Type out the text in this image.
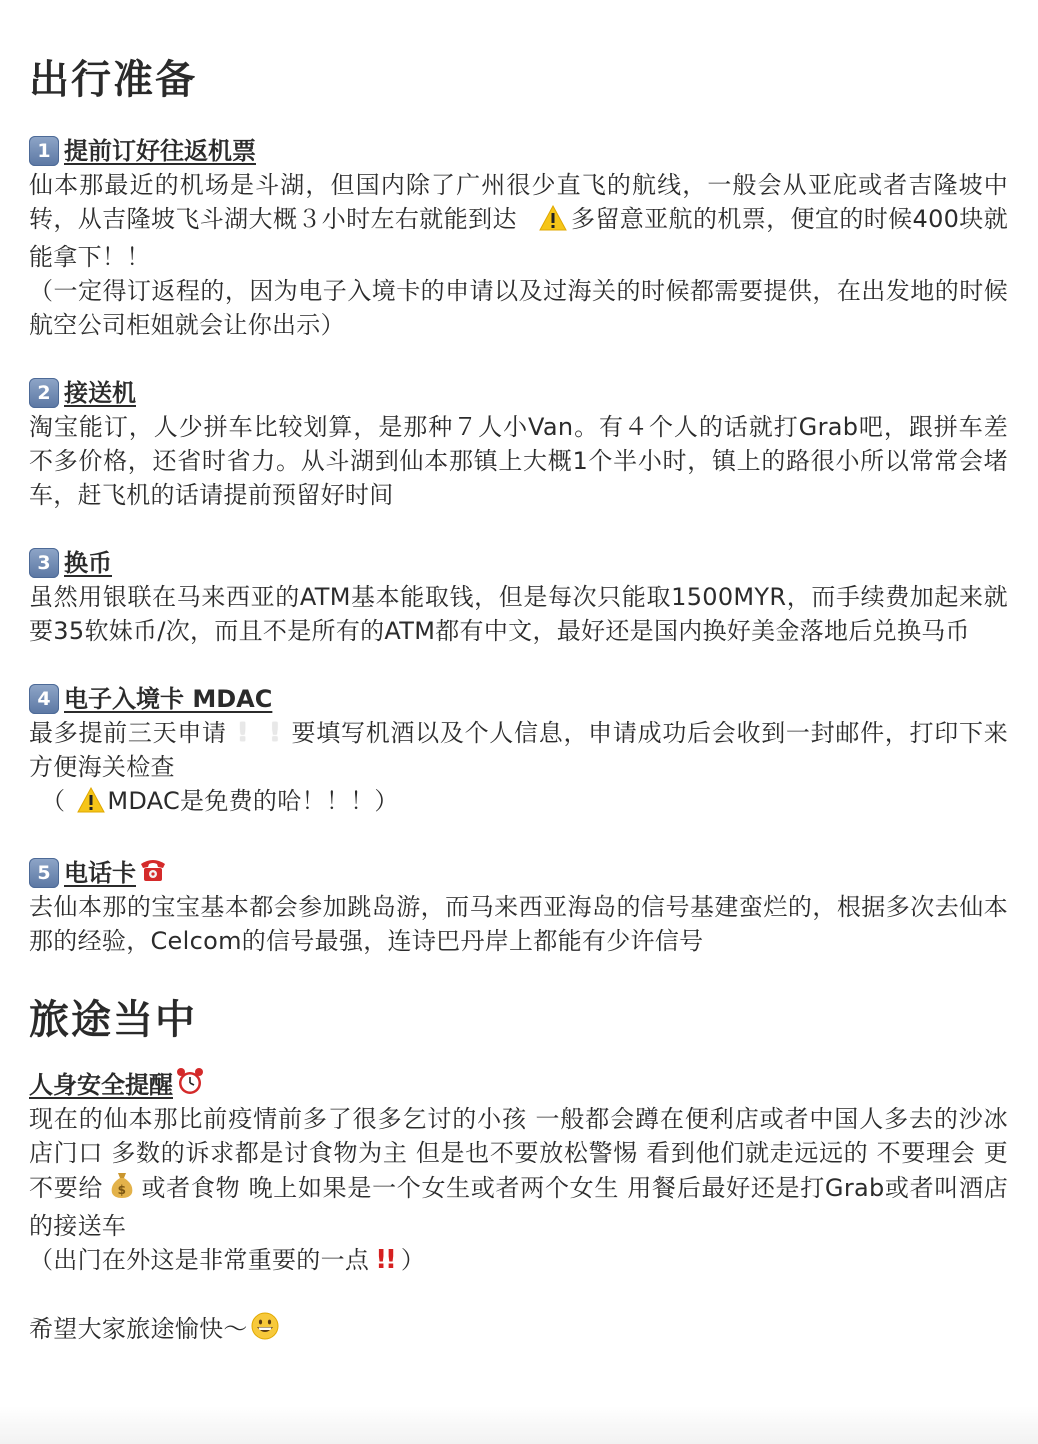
出行准备
1 提前订好往返机票

仙本那最近的机场是斗湖，但国内除了广州很少直飞的航线，一般会从亚庇或者吉隆坡中转，从吉隆坡飞斗湖大概３小时左右就能到达 多留意亚航的机票，便宜的时候400块就能拿下！！

（一定得订返程的，因为电子入境卡的申请以及过海关的时候都需要提供，在出发地的时候航空公司柜姐就会让你出示）

2 接送机

淘宝能订，人少拼车比较划算，是那种７人小Van。有４个人的话就打Grab吧，跟拼车差不多价格，还省时省力。从斗湖到仙本那镇上大概1个半小时，镇上的路很小所以常常会堵车，赶飞机的话请提前预留好时间

3 换币

虽然用银联在马来西亚的ATM基本能取钱，但是每次只能取1500MYR，而手续费加起来就要35软妹币/次，而且不是所有的ATM都有中文，最好还是国内换好美金落地后兑换马币

4 电子入境卡 MDAC

最多提前三天申请 ! ! 要填写机酒以及个人信息，申请成功后会收到一封邮件，打印下来方便海关检查

（ MDAC是免费的哈！！！）

5 电话卡

去仙本那的宝宝基本都会参加跳岛游，而马来西亚海岛的信号基建蛮烂的，根据多次去仙本那的经验，Celcom的信号最强，连诗巴丹岸上都能有少许信号

旅途当中
人身安全提醒

现在的仙本那比前疫情前多了很多乞讨的小孩 一般都会蹲在便利店或者中国人多去的沙冰店门口 多数的诉求都是讨食物为主 但是也不要放松警惕 看到他们就走远远的 不要理会 更不要给 $ 或者食物 晚上如果是一个女生或者两个女生 用餐后最好还是打Grab或者叫酒店的接送车

（出门在外这是非常重要的一点 !! ）

希望大家旅途愉快～
